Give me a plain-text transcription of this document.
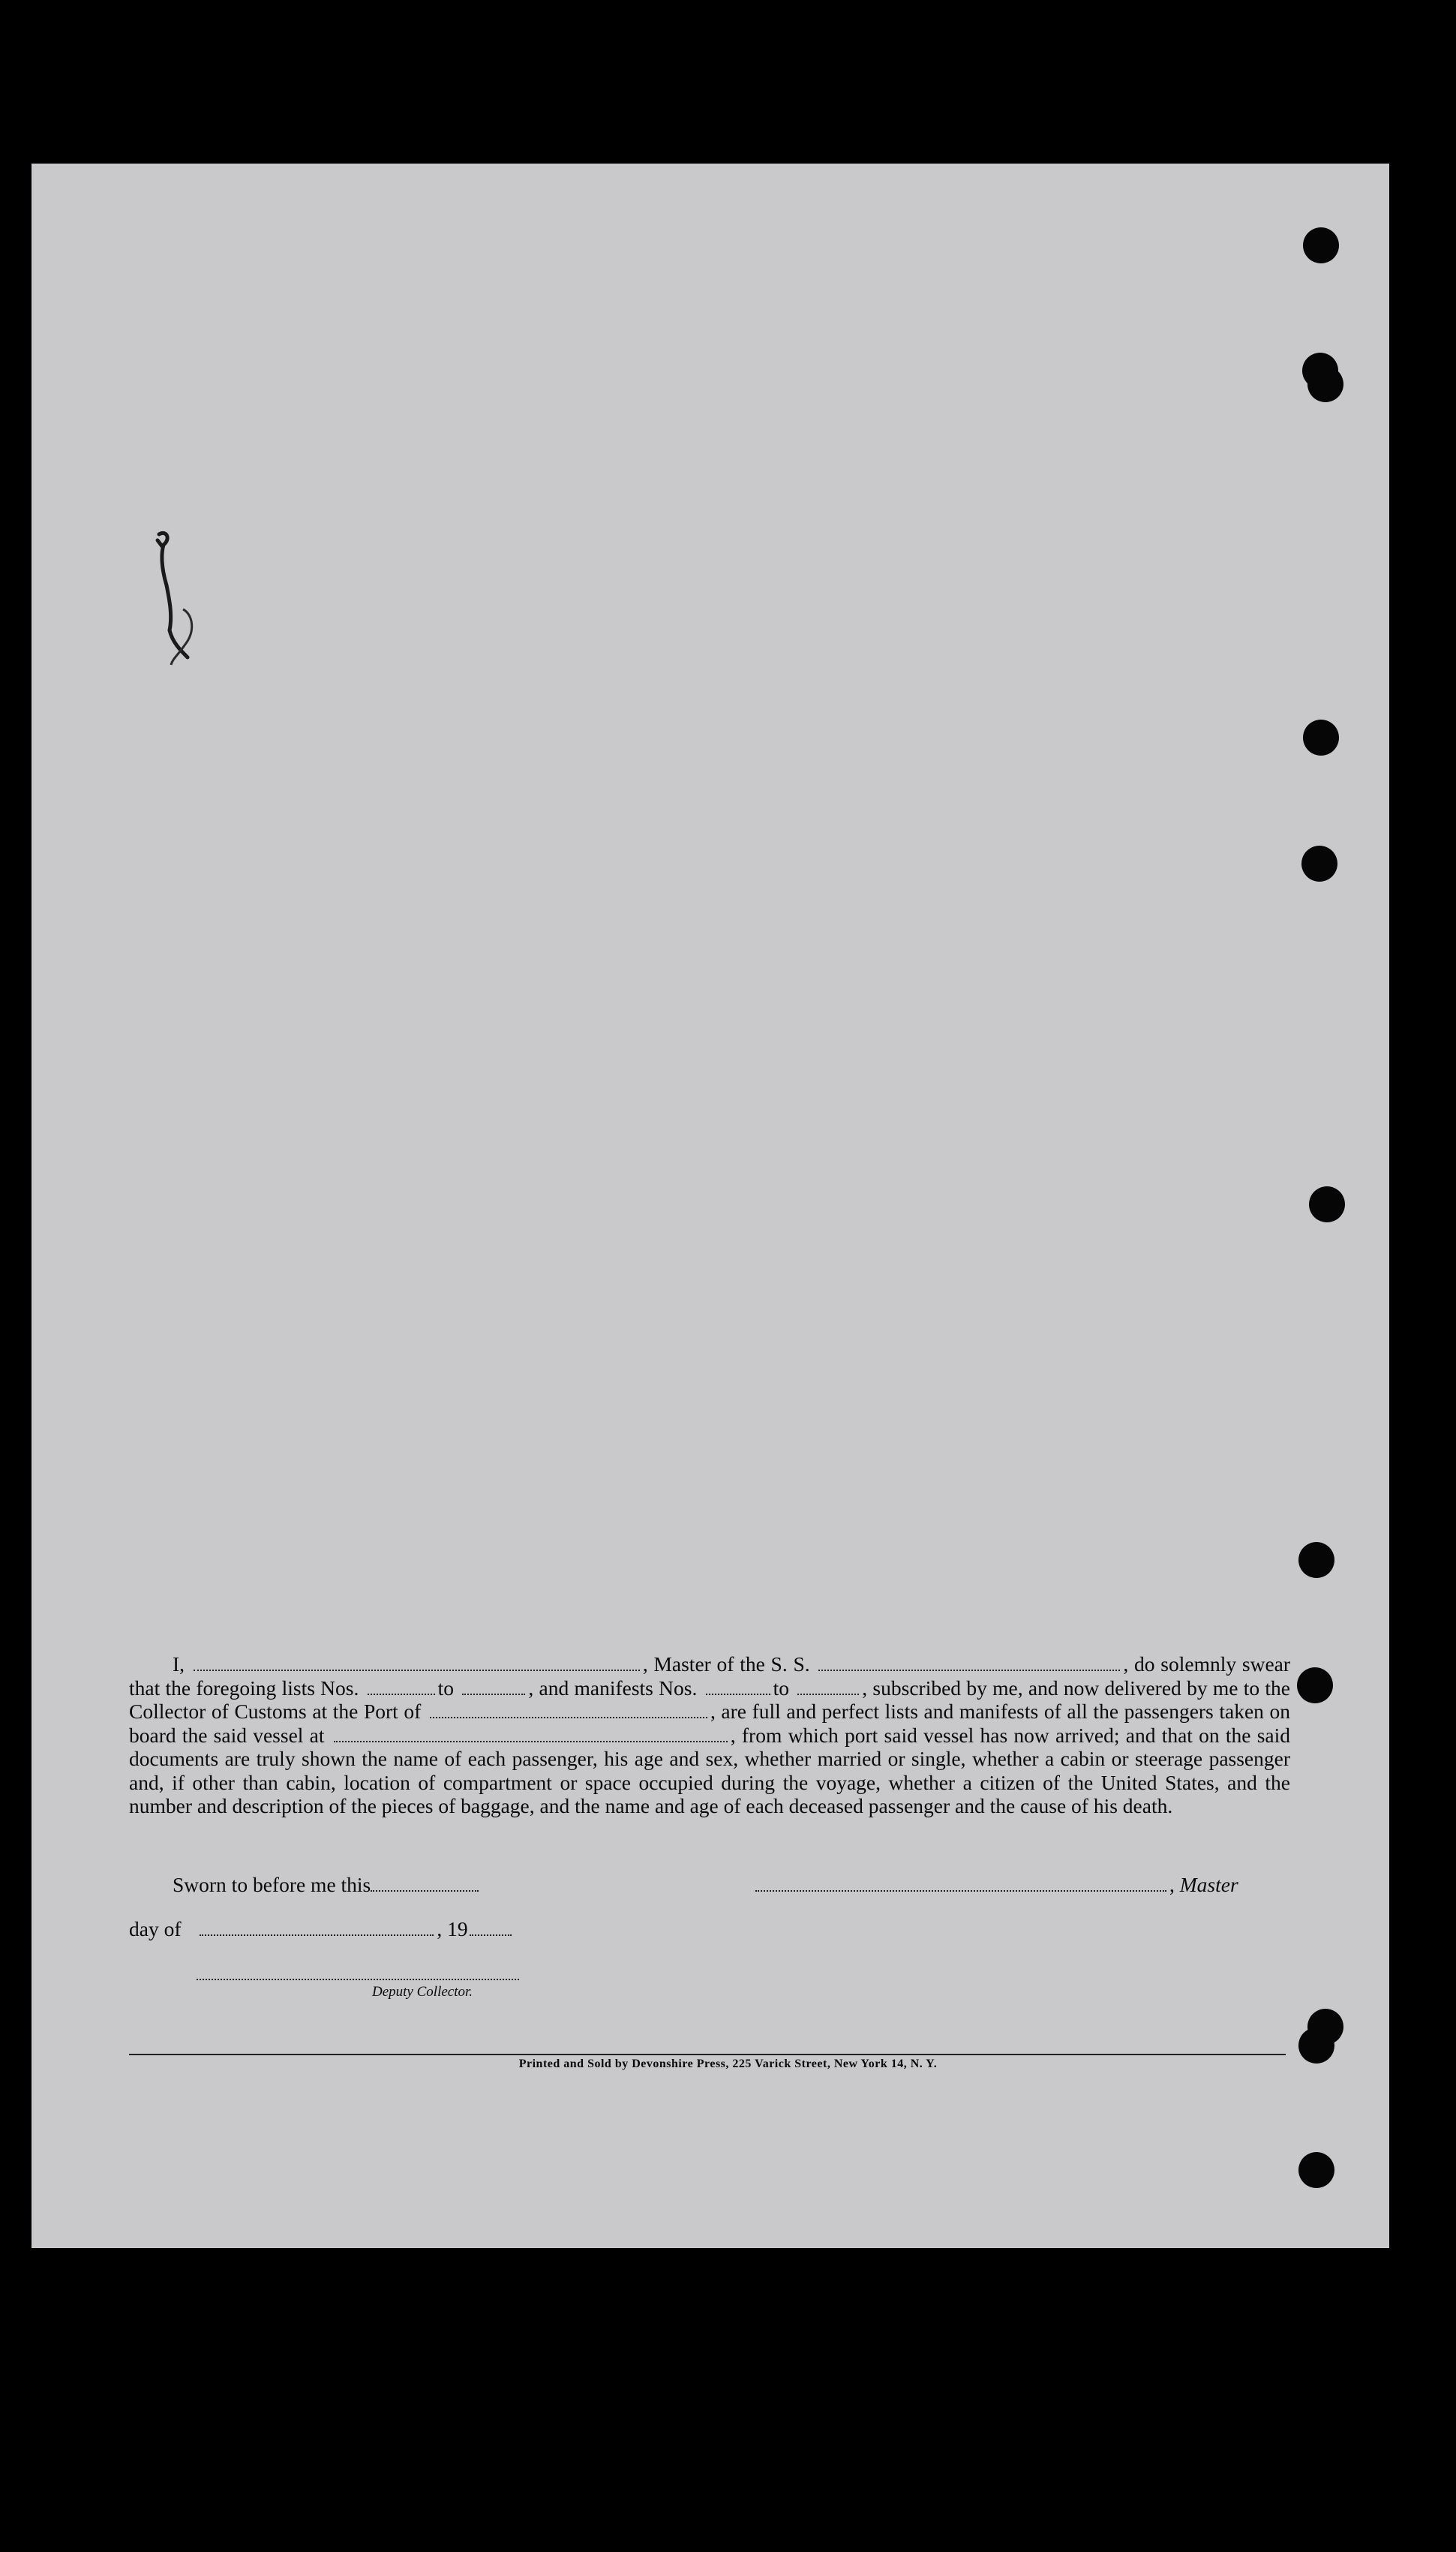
I,	, Master of the S. S.	, do solemnly swear that the foregoing lists Nos.	to	, and manifests Nos.	to	, subscribed by me, and now delivered by me to the Collector of Customs at the Port of	, are full and perfect lists and manifests of all the passengers taken on board the said vessel at	, from which port said vessel has now arrived; and that on the said documents are truly shown the name of each passenger, his age and sex, whether married or single, whether a cabin or steerage passenger and, if other than cabin, location of compartment or space occupied during the voyage, whether a citizen of the United States, and the number and description of the pieces of baggage, and the name and age of each deceased passenger and the cause of his death.

Sworn to before me this	, Master
day of	, 19
Deputy Collector.
Printed and Sold by Devonshire Press, 225 Varick Street, New York 14, N. Y.
